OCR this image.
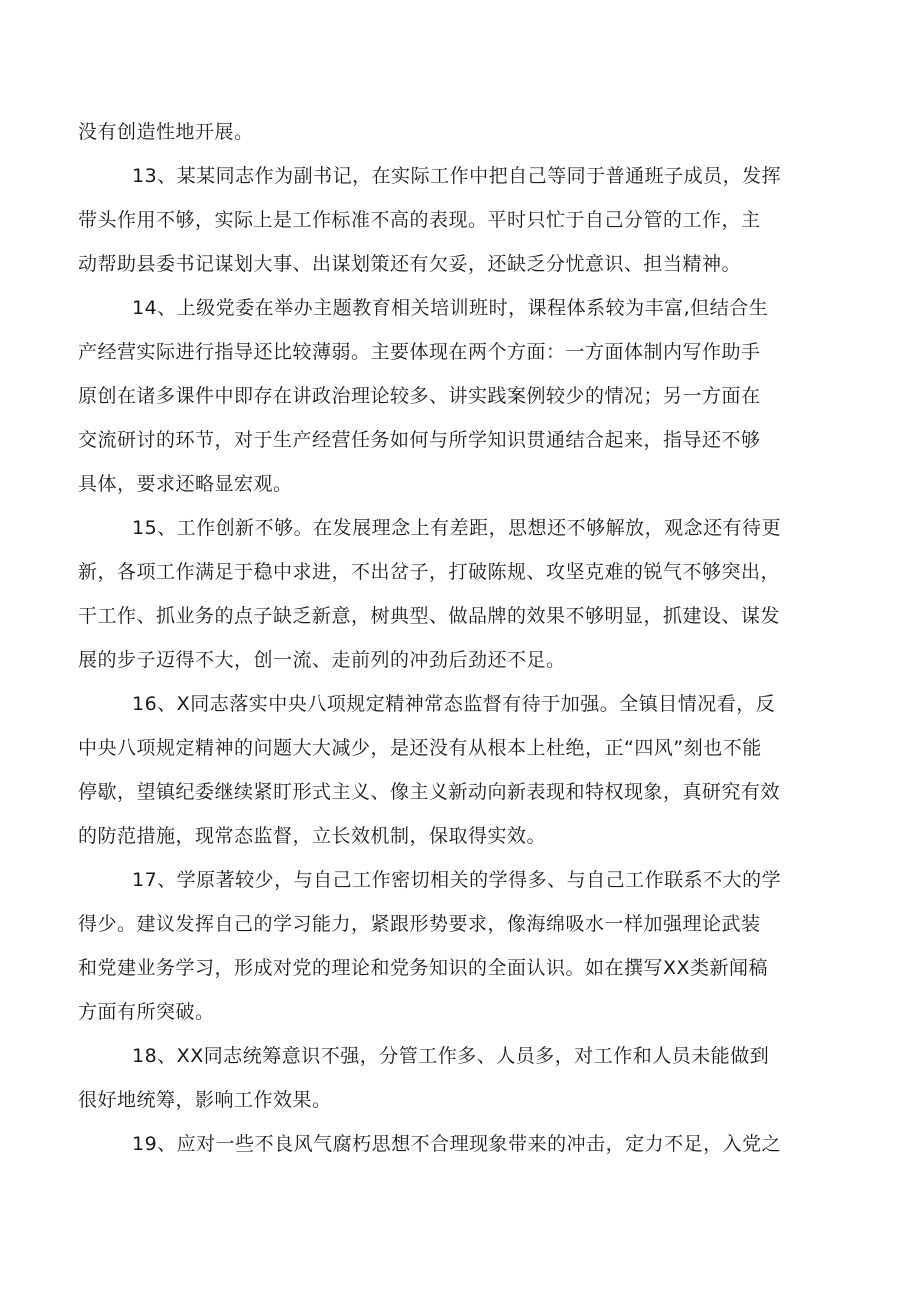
没有创造性地开展。
13、某某同志作为副书记，在实际工作中把自己等同于普通班子成员，发挥
带头作用不够，实际上是工作标准不高的表现。平时只忙于自己分管的工作，主
动帮助县委书记谋划大事、出谋划策还有欠妥，还缺乏分忧意识、担当精神。
14、上级党委在举办主题教育相关培训班时，课程体系较为丰富,但结合生
产经营实际进行指导还比较薄弱。主要体现在两个方面：一方面体制内写作助手
原创在诸多课件中即存在讲政治理论较多、讲实践案例较少的情况；另一方面在
交流研讨的环节，对于生产经营任务如何与所学知识贯通结合起来，指导还不够
具体，要求还略显宏观。
15、工作创新不够。在发展理念上有差距，思想还不够解放，观念还有待更
新，各项工作满足于稳中求进，不出岔子，打破陈规、攻坚克难的锐气不够突出，
干工作、抓业务的点子缺乏新意，树典型、做品牌的效果不够明显，抓建设、谋发
展的步子迈得不大，创一流、走前列的冲劲后劲还不足。
16、X同志落实中央八项规定精神常态监督有待于加强。全镇目情况看，反
中央八项规定精神的问题大大减少，是还没有从根本上杜绝，正“四风”刻也不能
停歇，望镇纪委继续紧盯形式主义、像主义新动向新表现和特权现象，真研究有效
的防范措施，现常态监督，立长效机制，保取得实效。
17、学原著较少，与自己工作密切相关的学得多、与自己工作联系不大的学
得少。建议发挥自己的学习能力，紧跟形势要求，像海绵吸水一样加强理论武装
和党建业务学习，形成对党的理论和党务知识的全面认识。如在撰写XX类新闻稿
方面有所突破。
18、XX同志统筹意识不强，分管工作多、人员多，对工作和人员未能做到
很好地统筹，影响工作效果。
19、应对一些不良风气腐朽思想不合理现象带来的冲击，定力不足，入党之
